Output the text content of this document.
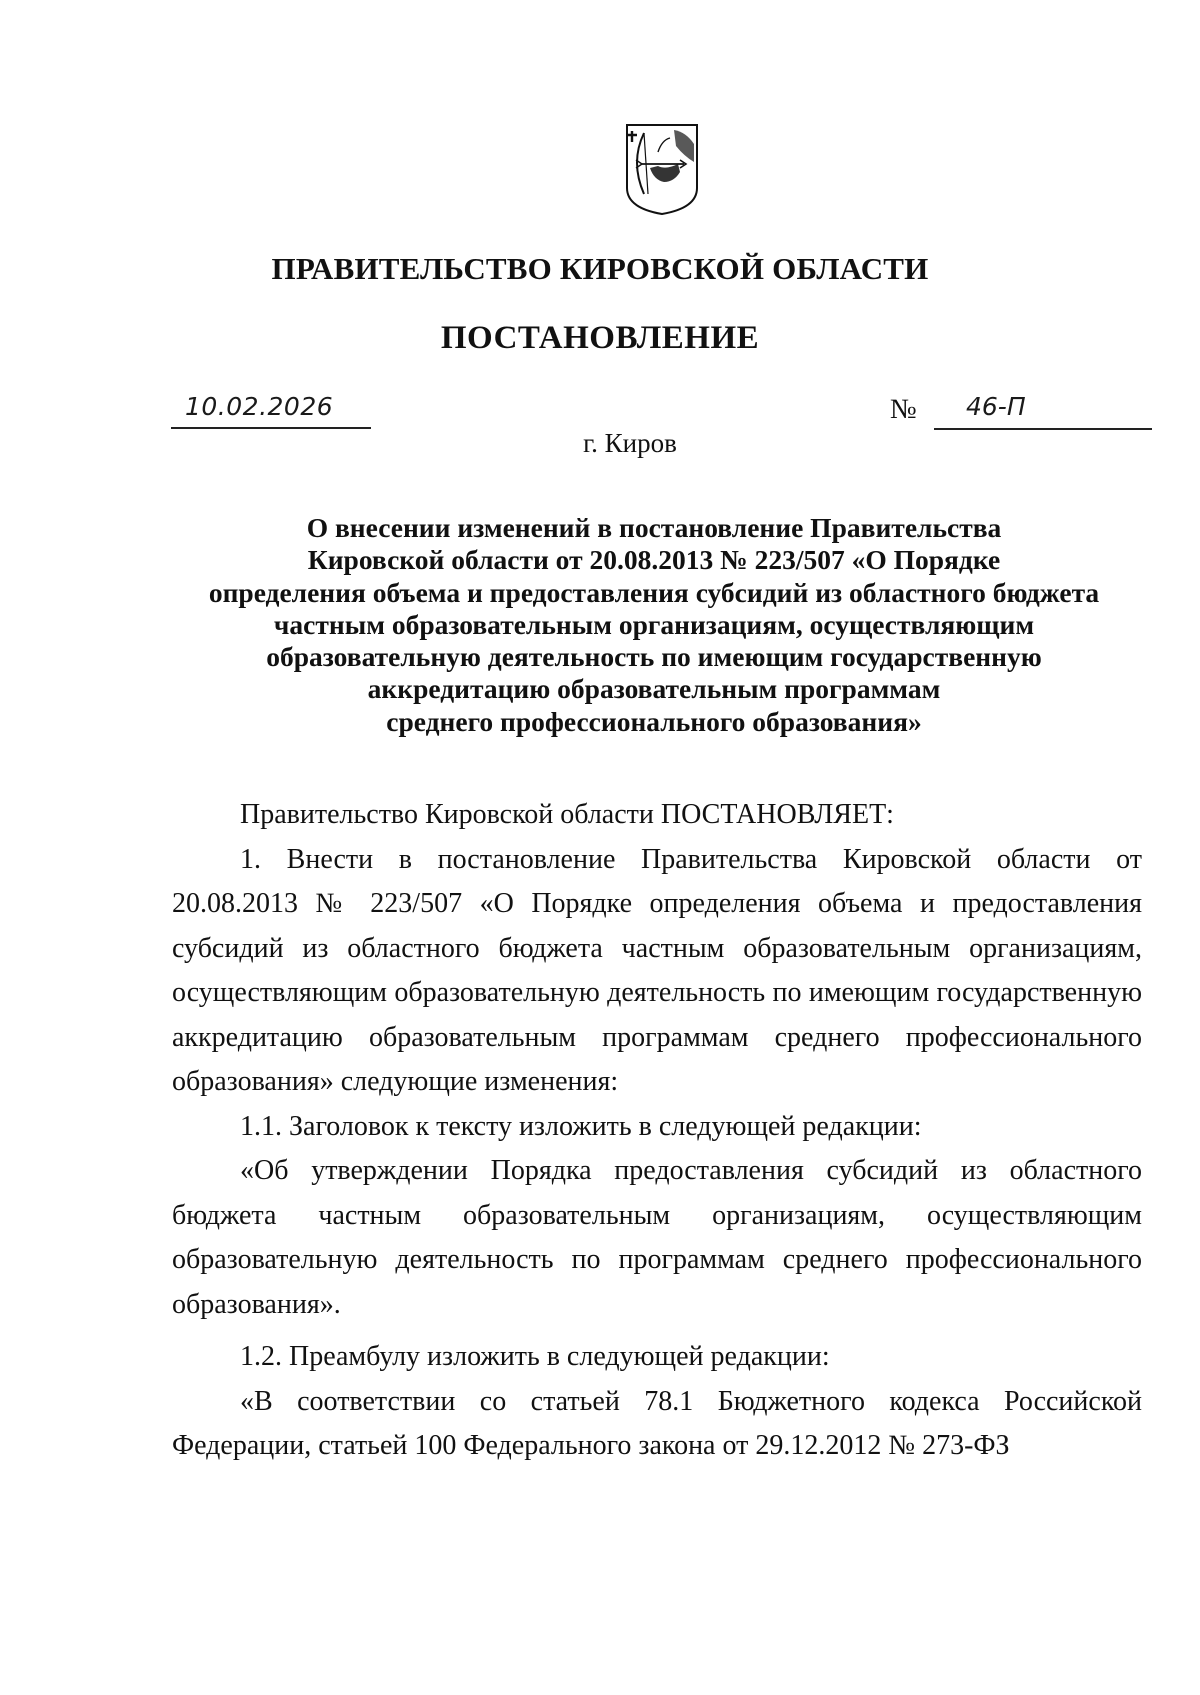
ПРАВИТЕЛЬСТВО КИРОВСКОЙ ОБЛАСТИ
ПОСТАНОВЛЕНИЕ
10.02.2026	№ 46-П
г. Киров
О внесении изменений в постановление Правительства
Кировской области от 20.08.2013 № 223/507 «О Порядке
определения объема и предоставления субсидий из областного бюджета
частным образовательным организациям, осуществляющим
образовательную деятельность по имеющим государственную
аккредитацию образовательным программам
среднего профессионального образования»

Правительство Кировской области ПОСТАНОВЛЯЕТ:

1. Внести в постановление Правительства Кировской области от 20.08.2013 № 223/507 «О Порядке определения объема и предоставления субсидий из областного бюджета частным образовательным организациям, осуществляющим образовательную деятельность по имеющим государственную аккредитацию образовательным программам среднего профессионального образования» следующие изменения:

1.1. Заголовок к тексту изложить в следующей редакции:

«Об утверждении Порядка предоставления субсидий из областного бюджета частным образовательным организациям, осуществляющим образовательную деятельность по программам среднего профессионального образования».

1.2. Преамбулу изложить в следующей редакции:

«В соответствии со статьей 78.1 Бюджетного кодекса Российской Федерации, статьей 100 Федерального закона от 29.12.2012 № 273-ФЗ
